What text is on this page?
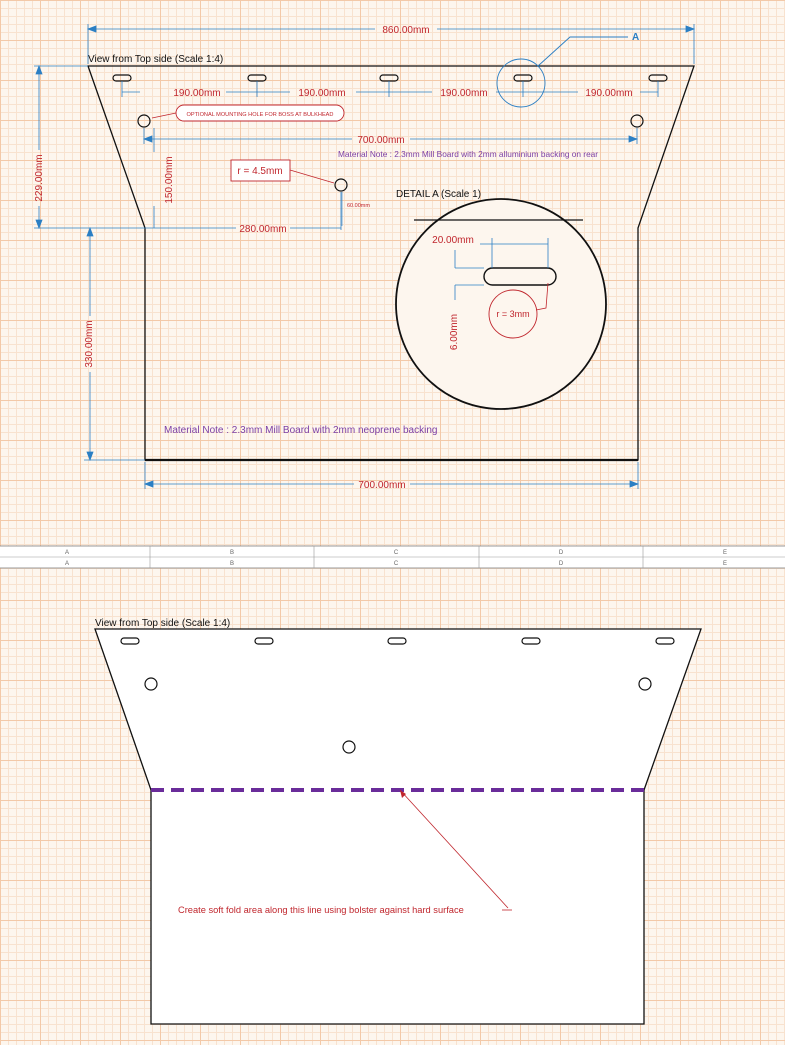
View from Top side (Scale 1:4)
860.00mm
A
190.00mm	190.00mm	190.00mm	190.00mm
OPTIONAL MOUNTING HOLE FOR BOSS AT BULKHEAD
700.00mm
Material Note : 2.3mm Mill Board with 2mm alluminium backing on rear
r = 4.5mm
150.00mm
280.00mm
60.00mm
229.00mm
330.00mm
700.00mm
Material Note : 2.3mm Mill Board with 2mm neoprene backing
DETAIL A (Scale 1)
20.00mm
6.00mm	r = 3mm
A	B	C	D	E
A	B	C	D	E
View from Top side (Scale 1:4)
Create soft fold area along this line using bolster against hard surface
